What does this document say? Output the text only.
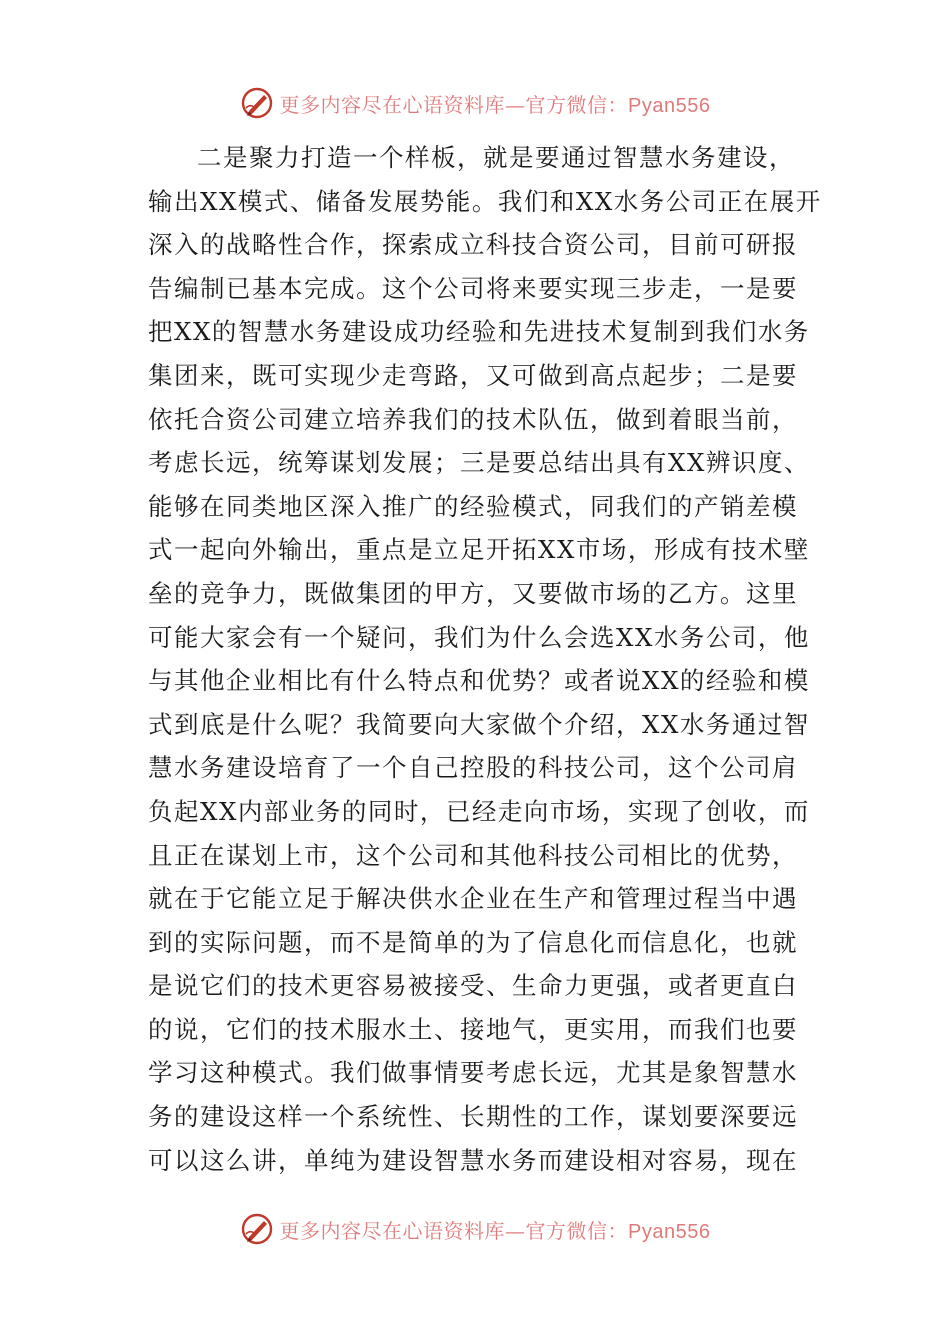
更多内容尽在心语资料库—官方微信：Pyan556
二是聚力打造一个样板，就是要通过智慧水务建设，
输出XX模式、储备发展势能。我们和XX水务公司正在展开
深入的战略性合作，探索成立科技合资公司，目前可研报
告编制已基本完成。这个公司将来要实现三步走，一是要
把XX的智慧水务建设成功经验和先进技术复制到我们水务
集团来，既可实现少走弯路，又可做到高点起步；二是要
依托合资公司建立培养我们的技术队伍，做到着眼当前，
考虑长远，统筹谋划发展；三是要总结出具有XX辨识度、
能够在同类地区深入推广的经验模式，同我们的产销差模
式一起向外输出，重点是立足开拓XX市场，形成有技术壁
垒的竞争力，既做集团的甲方，又要做市场的乙方。这里
可能大家会有一个疑问，我们为什么会选XX水务公司，他
与其他企业相比有什么特点和优势？或者说XX的经验和模
式到底是什么呢？我简要向大家做个介绍，XX水务通过智
慧水务建设培育了一个自己控股的科技公司，这个公司肩
负起XX内部业务的同时，已经走向市场，实现了创收，而
且正在谋划上市，这个公司和其他科技公司相比的优势，
就在于它能立足于解决供水企业在生产和管理过程当中遇
到的实际问题，而不是简单的为了信息化而信息化，也就
是说它们的技术更容易被接受、生命力更强，或者更直白
的说，它们的技术服水土、接地气，更实用，而我们也要
学习这种模式。我们做事情要考虑长远，尤其是象智慧水
务的建设这样一个系统性、长期性的工作，谋划要深要远
可以这么讲，单纯为建设智慧水务而建设相对容易，现在
更多内容尽在心语资料库—官方微信：Pyan556
